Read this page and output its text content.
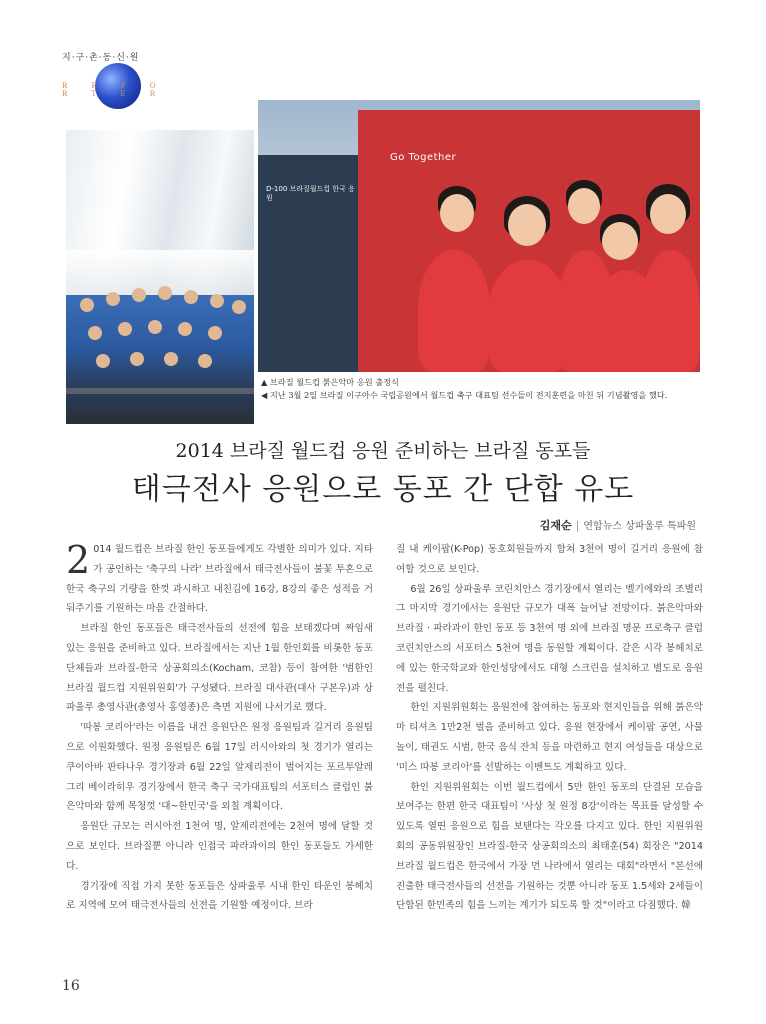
지·구·촌·동·신·원
R E P O R T E R
D-100 브라질월드컵 한국 응원
Go Together
▲ 브라질 월드컵 붉은악마 응원 출정식
◀ 지난 3월 2일 브라질 이구아수 국립공원에서 월드컵 축구 대표팀 선수들이 전지훈련을 마친 뒤 기념촬영을 했다.
2014 브라질 월드컵 응원 준비하는 브라질 동포들
태극전사 응원으로 동포 간 단합 유도
김재순 | 연합뉴스 상파울루 특파원

2 014 월드컵은 브라질 한인 동포들에게도 각별한 의미가 있다. 지타가 공인하는 '축구의 나라' 브라질에서 태극전사들이 불꽃 투혼으로 한국 축구의 기량을 한껏 과시하고 내친김에 16강, 8강의 좋은 성적을 거둬주기를 기원하는 마음 간절하다.

브라질 한인 동포들은 태극전사들의 선전에 힘을 보태겠다며 짜임새 있는 응원을 준비하고 있다. 브라질에서는 지난 1월 한인회를 비롯한 동포 단체들과 브라질-한국 상공회의소(Kocham, 코참) 등이 참여한 '범한인 브라질 월드컵 지원위원회'가 구성됐다. 브라질 대사관(대사 구본우)과 상파울루 총영사관(총영사 홍영종)은 측면 지원에 나서기로 했다.

'따봉 코리아'라는 이름을 내건 응원단은 원정 응원팀과 길거리 응원팀으로 이원화했다. 원정 응원팀은 6월 17일 러시아와의 첫 경기가 열리는 쿠이아바 판타나우 경기장과 6월 22일 알제리전이 벌어지는 포르투알레그리 베이라히우 경기장에서 한국 축구 국가대표팀의 서포터스 클럽인 붉은악마와 함께 목청껏 '대~한민국'을 외칠 계획이다.

응원단 규모는 러시아전 1천여 명, 알제리전에는 2천여 명에 달할 것으로 보인다. 브라질뿐 아니라 인접국 파라과이의 한인 동포들도 가세한다.

경기장에 직접 가지 못한 동포들은 상파울루 시내 한인 타운인 봉헤치로 지역에 모여 태극전사들의 선전을 기원할 예정이다. 브라

질 내 케이팝(K-Pop) 동호회원들까지 합쳐 3천여 명이 길거리 응원에 참여할 것으로 보인다.

6월 26일 상파울루 코린치안스 경기장에서 열리는 벨기에와의 조별리그 마지막 경기에서는 응원단 규모가 대폭 늘어날 전망이다. 붉은악마와 브라질 · 파라과이 한인 동포 등 3천여 명 외에 브라질 명문 프로축구 클럽 코린치안스의 서포터스 5천여 명을 동원할 계획이다. 같은 시각 봉헤치로에 있는 한국학교와 한인성당에서도 대형 스크린을 설치하고 별도로 응원전을 펼친다.

한인 지원위원회는 응원전에 참여하는 동포와 현지인들을 위해 붉은악마 티셔츠 1만2천 벌을 준비하고 있다. 응원 현장에서 케이팝 공연, 사물놀이, 태권도 시범, 한국 음식 잔치 등을 마련하고 현지 여성들을 대상으로 '미스 따봉 코리아'를 선발하는 이벤트도 계획하고 있다.

한인 지원위원회는 이번 월드컵에서 5만 한인 동포의 단결된 모습을 보여주는 한편 한국 대표팀이 '사상 첫 원정 8강'이라는 목표를 달성할 수 있도록 열띤 응원으로 힘을 보탠다는 각오를 다지고 있다. 한인 지원위원회의 공동위원장인 브라질-한국 상공회의소의 최태훈(54) 회장은 "2014 브라질 월드컵은 한국에서 가장 먼 나라에서 열리는 대회"라면서 "본선에 진출한 태극전사들의 선전을 기원하는 것뿐 아니라 동포 1.5세와 2세들이 단합된 한민족의 힘을 느끼는 계기가 되도록 할 것"이라고 다짐했다. 韓

16
